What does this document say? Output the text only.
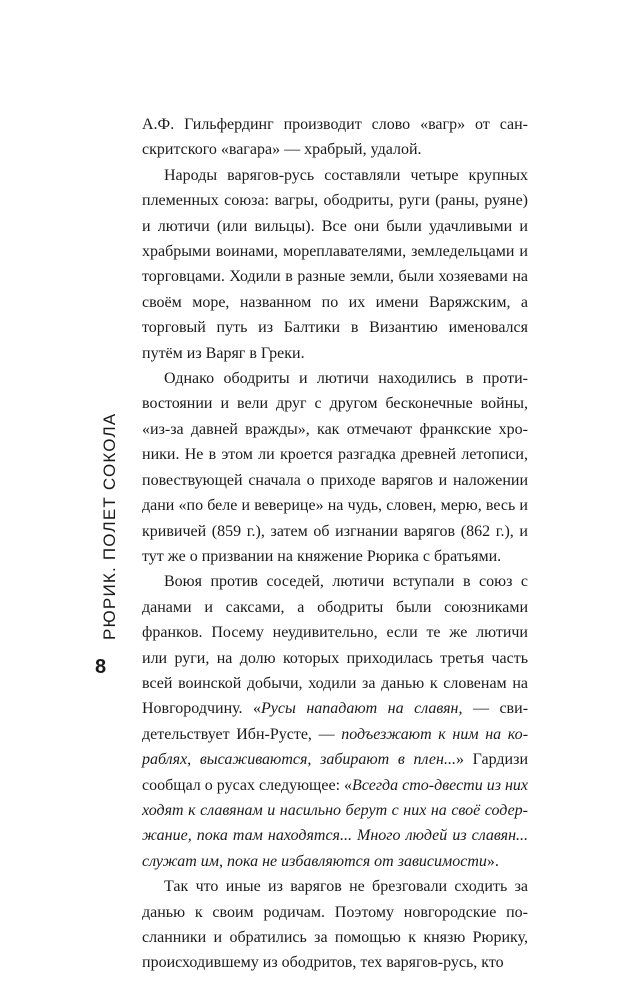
РЮРИК. ПОЛЕТ СОКОЛА
8

А.Ф. Гильфердинг производит слово «вагр» от санскритского «вагара» — храбрый, удалой.

Народы варягов-русь составляли четыре крупных племенных союза: вагры, ободриты, руги (раны, руяне) и лютичи (или вильцы). Все они были удачливыми и храбрыми воинами, мореплавателями, земледельцами и торговцами. Ходили в разные земли, были хозяевами на своём море, названном по их имени Варяжским, а торговый путь из Балтики в Византию именовался путём из Варяг в Греки.

Однако ободриты и лютичи находились в противостоянии и вели друг с другом бесконечные войны, «из-за давней вражды», как отмечают франкские хроники. Не в этом ли кроется разгадка древней летописи, повествующей сначала о приходе варягов и наложении дани «по беле и веверице» на чудь, словен, мерю, весь и кривичей (859 г.), затем об изгнании варягов (862 г.), и тут же о призвании на княжение Рюрика с братьями.

Воюя против соседей, лютичи вступали в союз с данами и саксами, а ободриты были союзниками франков. Посему неудивительно, если те же лютичи или руги, на долю которых приходилась третья часть всей воинской добычи, ходили за данью к словенам на Новгородчину. «Русы нападают на славян, — свидетельствует Ибн-Русте, — подъезжают к ним на кораблях, высаживаются, забирают в плен...» Гардизи сообщал о русах следующее: «Всегда сто-двести из них ходят к славянам и насильно берут с них на своё содержание, пока там находятся... Много людей из славян... служат им, пока не избавляются от зависимости».

Так что иные из варягов не брезговали сходить за данью к своим родичам. Поэтому новгородские посланники и обратились за помощью к князю Рюрику, происходившему из ободритов, тех варягов-русь, кто
